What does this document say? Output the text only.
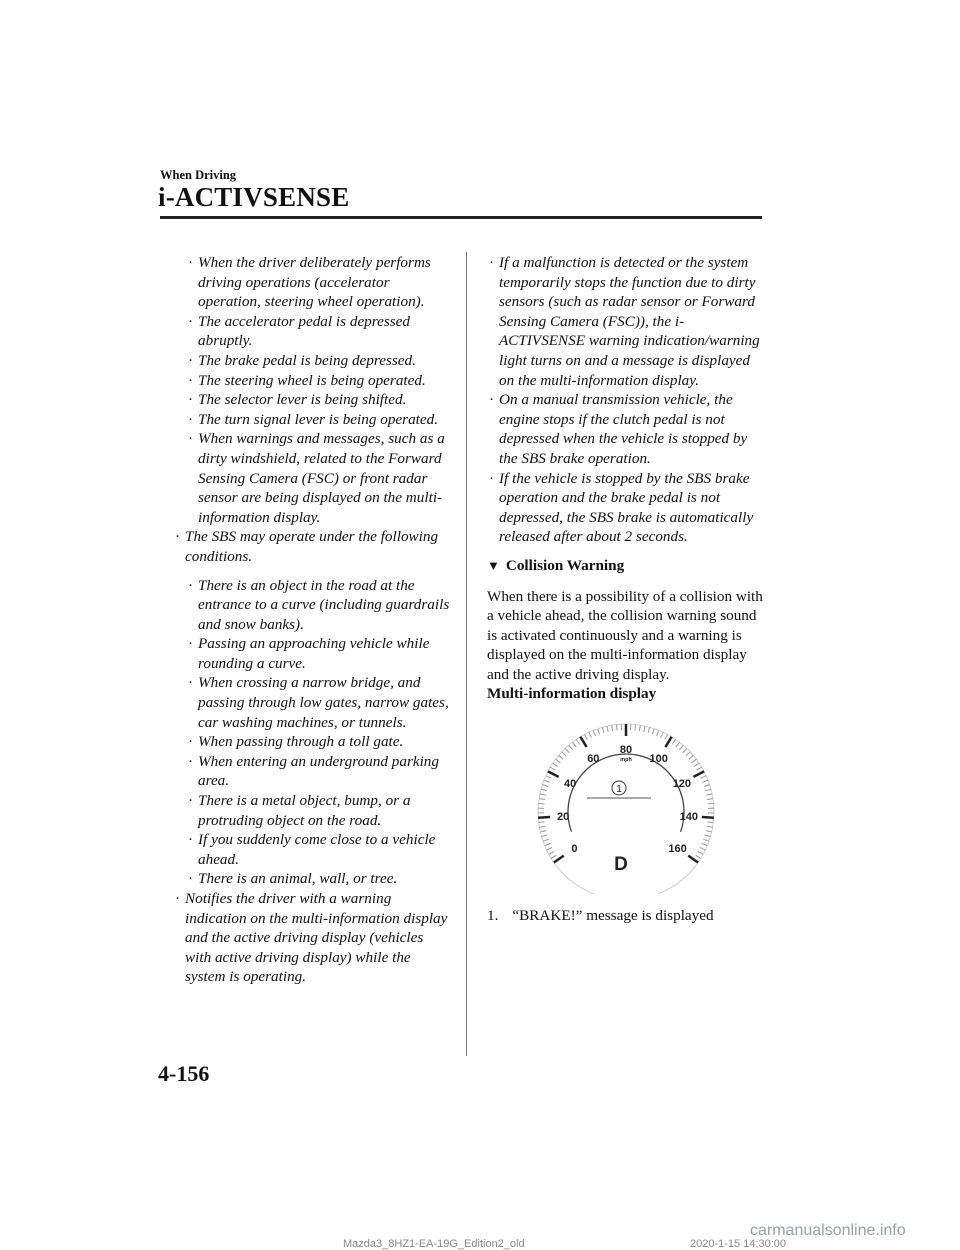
When Driving
i-ACTIVSENSE
· When the driver deliberately performs driving operations (accelerator operation, steering wheel operation).
· The accelerator pedal is depressed abruptly.
· The brake pedal is being depressed.
· The steering wheel is being operated.
· The selector lever is being shifted.
· The turn signal lever is being operated.
· When warnings and messages, such as a dirty windshield, related to the Forward Sensing Camera (FSC) or front radar sensor are being displayed on the multi-information display.
· The SBS may operate under the following conditions.
· There is an object in the road at the entrance to a curve (including guardrails and snow banks).
· Passing an approaching vehicle while rounding a curve.
· When crossing a narrow bridge, and passing through low gates, narrow gates, car washing machines, or tunnels.
· When passing through a toll gate.
· When entering an underground parking area.
· There is a metal object, bump, or a protruding object on the road.
· If you suddenly come close to a vehicle ahead.
· There is an animal, wall, or tree.
· Notifies the driver with a warning indication on the multi-information display and the active driving display (vehicles with active driving display) while the system is operating.
· If a malfunction is detected or the system temporarily stops the function due to dirty sensors (such as radar sensor or Forward Sensing Camera (FSC)), the i-ACTIVSENSE warning indication/warning light turns on and a message is displayed on the multi-information display.
· On a manual transmission vehicle, the engine stops if the clutch pedal is not depressed when the vehicle is stopped by the SBS brake operation.
· If the vehicle is stopped by the SBS brake operation and the brake pedal is not depressed, the SBS brake is automatically released after about 2 seconds.
▼ Collision Warning
When there is a possibility of a collision with a vehicle ahead, the collision warning sound is activated continuously and a warning is displayed on the multi-information display and the active driving display.
Multi-information display
0
20
40
60
80
100
120
140
160
mph
1
D
1. “BRAKE!” message is displayed
4-156
Mazda3_8HZ1-EA-19G_Edition2_old	2020-1-15 14:30:00
carmanualsonline.info
